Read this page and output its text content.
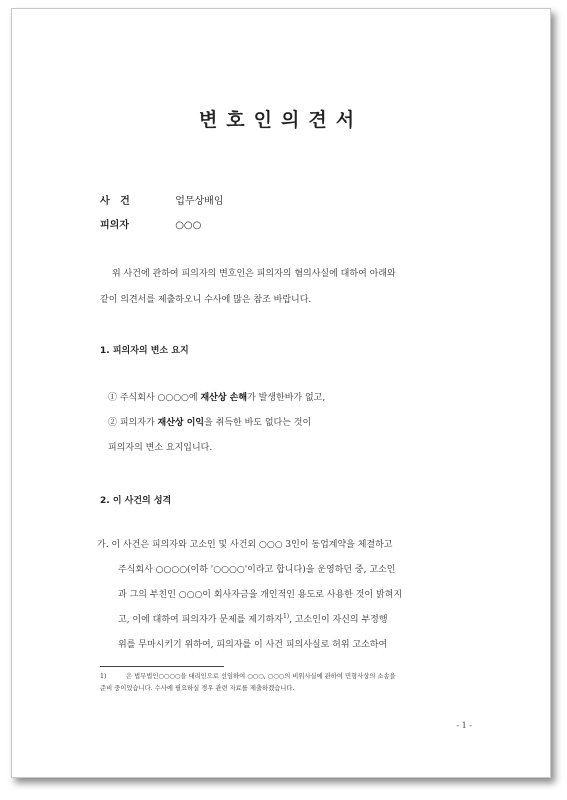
변호인의견서
사   건	업무상배임
피의자	○○○
위 사건에 관하여 피의자의 변호인은 피의자의 혐의사실에 대하여 아래와
같이 의견서를 제출하오니 수사에 많은 참조 바랍니다.
1. 피의자의 변소 요지
① 주식회사 ○○○○에 재산상 손해가 발생한바가 없고,
② 피의자가 재산상 이익을 취득한 바도 없다는 것이
피의자의 변소 요지입니다.
2. 이 사건의 성격
가. 이 사건은 피의자와 고소인 및 사건외 ○○○ 3인이 동업계약을 체결하고
주식회사 ○○○○(이하 '○○○○'이라고 합니다)을 운영하던 중, 고소인
과 그의 부친인 ○○○이 회사자금을 개인적인 용도로 사용한 것이 밝혀지
고, 이에 대하여 피의자가 문제를 제기하자$^{1)}$, 고소인이 자신의 부정행
위를 무마시키기 위하여, 피의자를 이 사건 피의사실로 허위 고소하여
1)	은 법무법인○○○○을 대리인으로 선임하여 ○○○, ○○○의 비위사실에 관하여 민형사상의 소송을
준비 중이었습니다. 수사에 필요하실 경우 관련 자료를 제출하겠습니다.
- 1 -
